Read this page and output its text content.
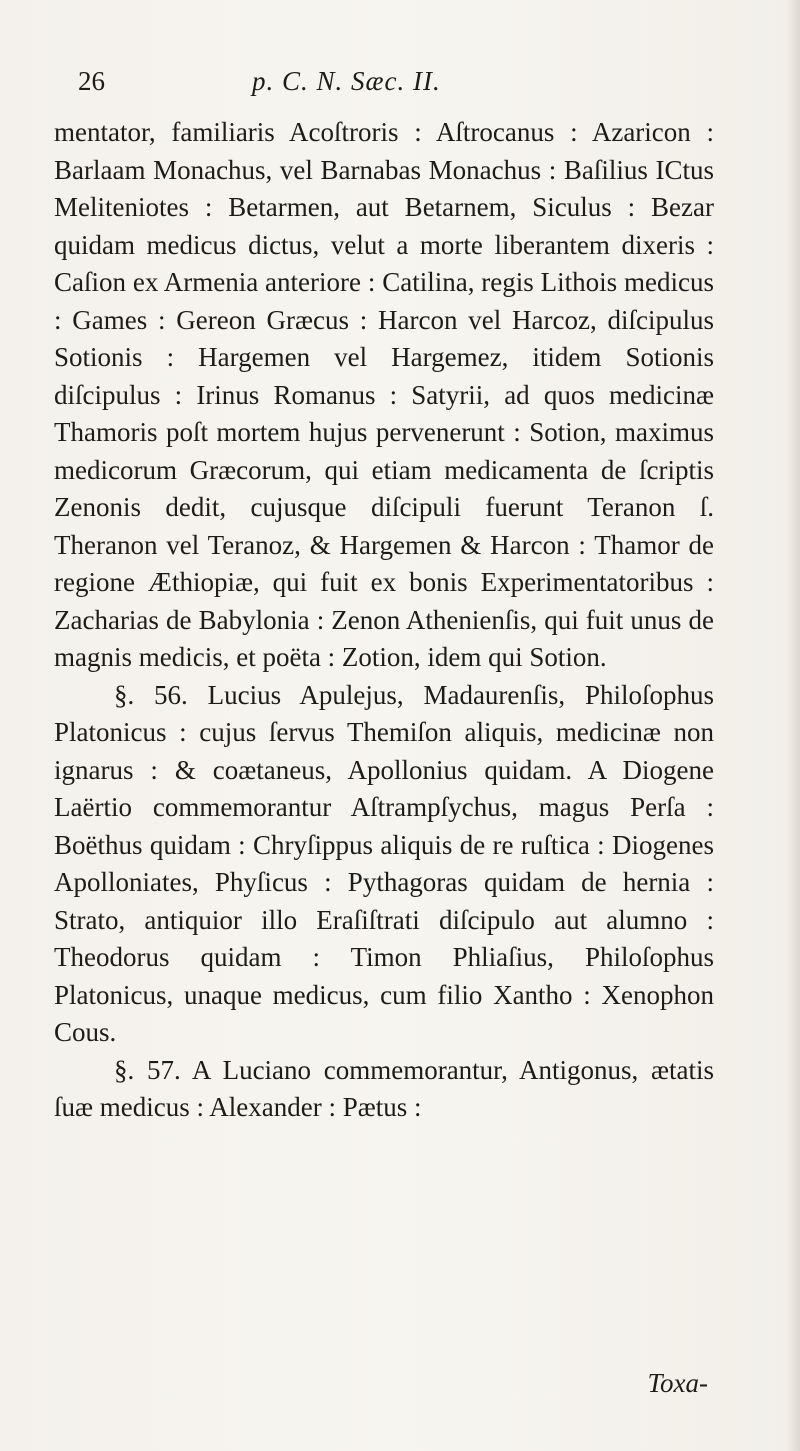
26	p. C. N. Sæc. II.

mentator, familiaris Acoſtroris : Aſtrocanus : Azaricon : Barlaam Monachus, vel Barnabas Monachus : Baſilius ICtus Meliteniotes : Betarmen, aut Betarnem, Siculus : Bezar quidam medicus dictus, velut a morte liberantem dixeris : Caſion ex Armenia anteriore : Catilina, regis Lithois medicus : Games : Gereon Græcus : Harcon vel Harcoz, diſcipulus Sotionis : Hargemen vel Hargemez, itidem Sotionis diſcipulus : Irinus Romanus : Satyrii, ad quos medicinæ Thamoris poſt mortem hujus pervenerunt : Sotion, maximus medicorum Græcorum, qui etiam medicamenta de ſcriptis Zenonis dedit, cujusque diſcipuli fuerunt Teranon ſ. Theranon vel Teranoz, & Hargemen & Harcon : Thamor de regione Æthiopiæ, qui fuit ex bonis Experimentatoribus : Zacharias de Babylonia : Zenon Athenienſis, qui fuit unus de magnis medicis, et poëta : Zotion, idem qui Sotion.

§. 56. Lucius Apulejus, Madaurenſis, Philoſophus Platonicus : cujus ſervus Themiſon aliquis, medicinæ non ignarus : & coætaneus, Apollonius quidam. A Diogene Laërtio commemorantur Aſtrampſychus, magus Perſa : Boëthus quidam : Chryſippus aliquis de re ruſtica : Diogenes Apolloniates, Phyſicus : Pythagoras quidam de hernia : Strato, antiquior illo Eraſiſtrati diſcipulo aut alumno : Theodorus quidam : Timon Phliaſius, Philoſophus Platonicus, unaque medicus, cum filio Xantho : Xenophon Cous.

§. 57. A Luciano commemorantur, Antigonus, ætatis ſuæ medicus : Alexander : Pætus :

Toxa-
